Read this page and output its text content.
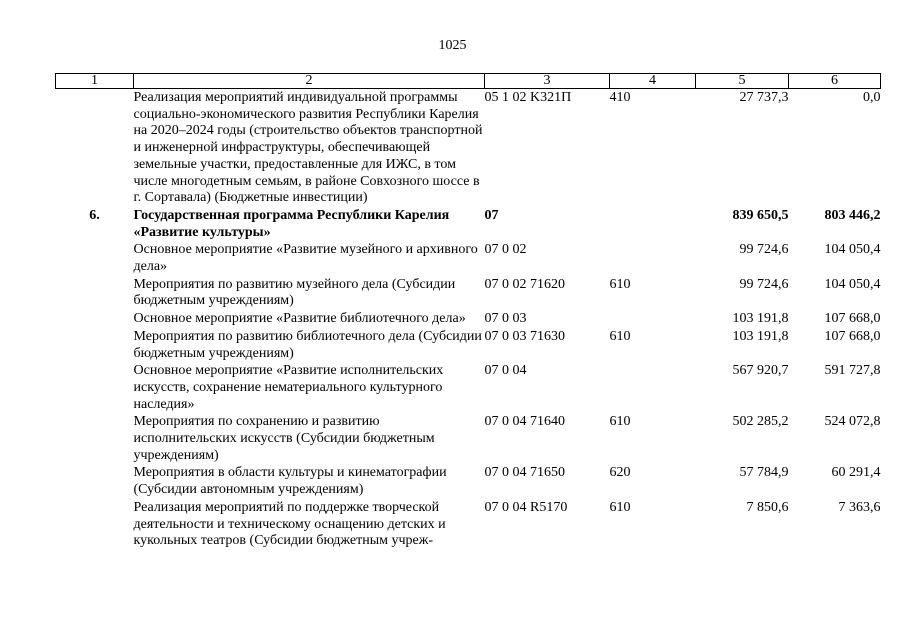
1025
1	2	3	4	5	6
	Реализация мероприятий индивидуальной программы социально-экономического развития Республики Карелия на 2020–2024 годы (строительство объектов транспортной и инженерной инфраструктуры, обеспечивающей земельные участки, предоставленные для ИЖС, в том числе многодетным семьям, в районе Совхозного шоссе в г. Сортавала) (Бюджетные инвестиции)	05 1 02 K321П	410	27 737,3	0,0
6.	Государственная программа Республики Карелия «Развитие культуры»	07		839 650,5	803 446,2
	Основное мероприятие «Развитие музейного и архивного дела»	07 0 02		99 724,6	104 050,4
	Мероприятия по развитию музейного дела (Субсидии бюджетным учреждениям)	07 0 02 71620	610	99 724,6	104 050,4
	Основное мероприятие «Развитие библиотечного дела»	07 0 03		103 191,8	107 668,0
	Мероприятия по развитию библиотечного дела (Субсидии бюджетным учреждениям)	07 0 03 71630	610	103 191,8	107 668,0
	Основное мероприятие «Развитие исполнительских искусств, сохранение нематериального культурного наследия»	07 0 04		567 920,7	591 727,8
	Мероприятия по сохранению и развитию исполнительских искусств (Субсидии бюджетным учреждениям)	07 0 04 71640	610	502 285,2	524 072,8
	Мероприятия в области культуры и кинематографии (Субсидии автономным учреждениям)	07 0 04 71650	620	57 784,9	60 291,4
	Реализация мероприятий по поддержке творческой деятельности и техническому оснащению детских и кукольных театров (Субсидии бюджетным учреж-	07 0 04 R5170	610	7 850,6	7 363,6
